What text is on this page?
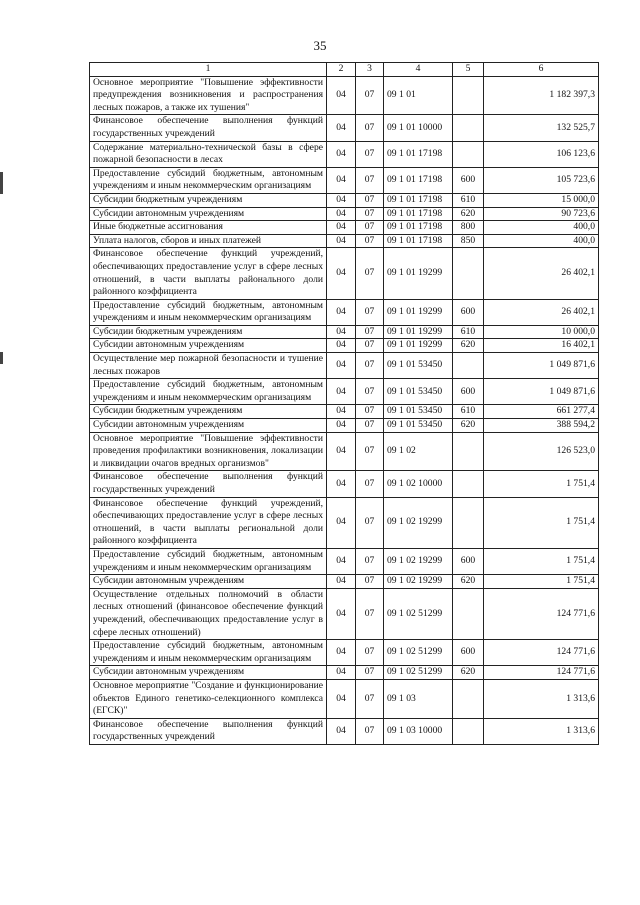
35
1	2	3	4	5	6
Основное мероприятие "Повышение эффективности предупреждения возникновения и распространения лесных пожаров, а также их тушения"	04	07	09 1 01		1 182 397,3
Финансовое обеспечение выполнения функций государственных учреждений	04	07	09 1 01 10000		132 525,7
Содержание материально-технической базы в сфере пожарной безопасности в лесах	04	07	09 1 01 17198		106 123,6
Предоставление субсидий бюджетным, автономным учреждениям и иным некоммерческим организациям	04	07	09 1 01 17198	600	105 723,6
Субсидии бюджетным учреждениям	04	07	09 1 01 17198	610	15 000,0
Субсидии автономным учреждениям	04	07	09 1 01 17198	620	90 723,6
Иные бюджетные ассигнования	04	07	09 1 01 17198	800	400,0
Уплата налогов, сборов и иных платежей	04	07	09 1 01 17198	850	400,0
Финансовое обеспечение функций учреждений, обеспечивающих предоставление услуг в сфере лесных отношений, в части выплаты районального доли районного коэффициента	04	07	09 1 01 19299		26 402,1
Предоставление субсидий бюджетным, автономным учреждениям и иным некоммерческим организациям	04	07	09 1 01 19299	600	26 402,1
Субсидии бюджетным учреждениям	04	07	09 1 01 19299	610	10 000,0
Субсидии автономным учреждениям	04	07	09 1 01 19299	620	16 402,1
Осуществление мер пожарной безопасности и тушение лесных пожаров	04	07	09 1 01 53450		1 049 871,6
Предоставление субсидий бюджетным, автономным учреждениям и иным некоммерческим организациям	04	07	09 1 01 53450	600	1 049 871,6
Субсидии бюджетным учреждениям	04	07	09 1 01 53450	610	661 277,4
Субсидии автономным учреждениям	04	07	09 1 01 53450	620	388 594,2
Основное мероприятие "Повышение эффективности проведения профилактики возникновения, локализации и ликвидации очагов вредных организмов"	04	07	09 1 02		126 523,0
Финансовое обеспечение выполнения функций государственных учреждений	04	07	09 1 02 10000		1 751,4
Финансовое обеспечение функций учреждений, обеспечивающих предоставление услуг в сфере лесных отношений, в части выплаты региональной доли районного коэффициента	04	07	09 1 02 19299		1 751,4
Предоставление субсидий бюджетным, автономным учреждениям и иным некоммерческим организациям	04	07	09 1 02 19299	600	1 751,4
Субсидии автономным учреждениям	04	07	09 1 02 19299	620	1 751,4
Осуществление отдельных полномочий в области лесных отношений (финансовое обеспечение функций учреждений, обеспечивающих предоставление услуг в сфере лесных отношений)	04	07	09 1 02 51299		124 771,6
Предоставление субсидий бюджетным, автономным учреждениям и иным некоммерческим организациям	04	07	09 1 02 51299	600	124 771,6
Субсидии автономным учреждениям	04	07	09 1 02 51299	620	124 771,6
Основное мероприятие "Создание и функционирование объектов Единого генетико-селекционного комплекса (ЕГСК)"	04	07	09 1 03		1 313,6
Финансовое обеспечение выполнения функций государственных учреждений	04	07	09 1 03 10000		1 313,6
